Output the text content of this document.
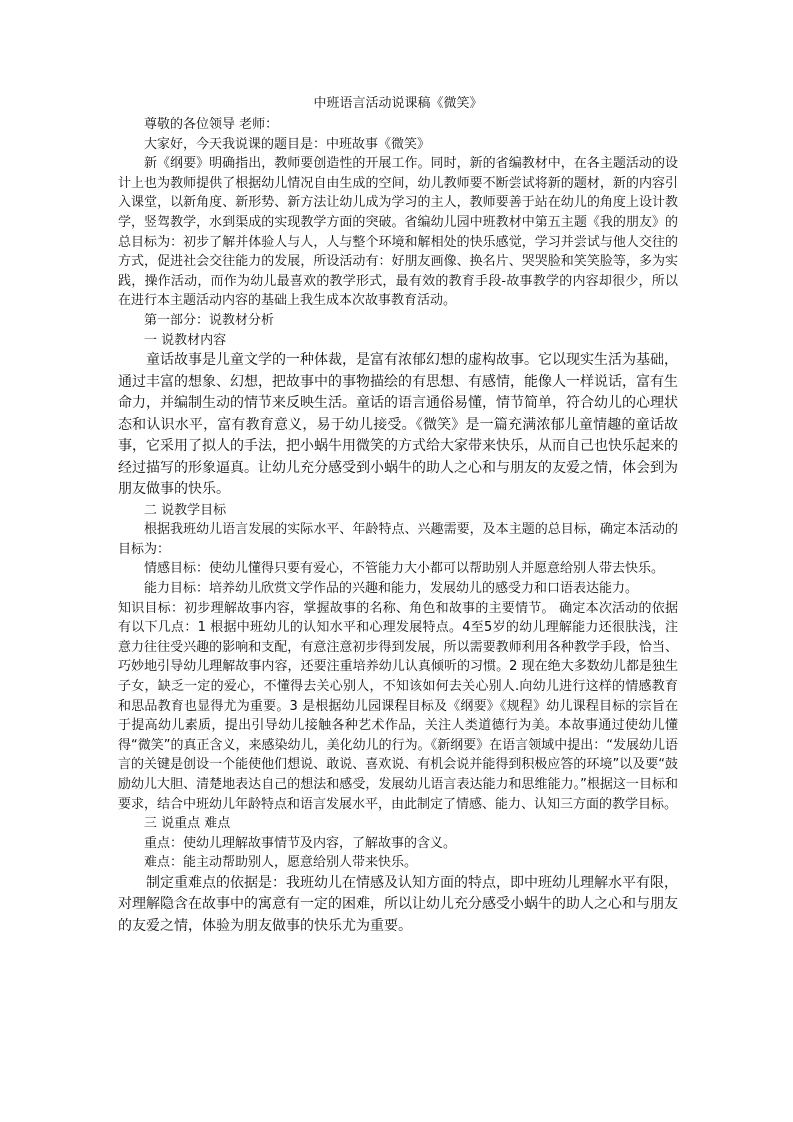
中班语言活动说课稿《微笑》

尊敬的各位领导 老师：

大家好，今天我说课的题目是：中班故事《微笑》

新《纲要》明确指出，教师要创造性的开展工作。同时，新的省编教材中，在各主题活动的设计上也为教师提供了根据幼儿情况自由生成的空间，幼儿教师要不断尝试将新的题材，新的内容引入课堂，以新角度、新形势、新方法让幼儿成为学习的主人，教师要善于站在幼儿的角度上设计教学，竖驾教学，水到渠成的实现教学方面的突破。省编幼儿园中班教材中第五主题《我的朋友》的总目标为：初步了解并体验人与人，人与整个环境和解相处的快乐感觉，学习并尝试与他人交往的方式，促进社会交往能力的发展，所设活动有：好朋友画像、换名片、哭哭脸和笑笑脸等，多为实践，操作活动，而作为幼儿最喜欢的教学形式，最有效的教育手段-故事教学的内容却很少，所以在进行本主题活动内容的基础上我生成本次故事教育活动。

第一部分：说教材分析

一 说教材内容

童话故事是儿童文学的一种体裁，是富有浓郁幻想的虚构故事。它以现实生活为基础，通过丰富的想象、幻想，把故事中的事物描绘的有思想、有感情，能像人一样说话，富有生命力，并编制生动的情节来反映生活。童话的语言通俗易懂，情节简单，符合幼儿的心理状态和认识水平，富有教育意义，易于幼儿接受。《微笑》是一篇充满浓郁儿童情趣的童话故事，它采用了拟人的手法，把小蜗牛用微笑的方式给大家带来快乐，从而自己也快乐起来的经过描写的形象逼真。让幼儿充分感受到小蜗牛的助人之心和与朋友的友爱之情，体会到为朋友做事的快乐。

二 说教学目标

根据我班幼儿语言发展的实际水平、年龄特点、兴趣需要，及本主题的总目标，确定本活动的目标为：

情感目标：使幼儿懂得只要有爱心，不管能力大小都可以帮助别人并愿意给别人带去快乐。

能力目标：培养幼儿欣赏文学作品的兴趣和能力，发展幼儿的感受力和口语表达能力。

知识目标：初步理解故事内容，掌握故事的名称、角色和故事的主要情节。 确定本次活动的依据有以下几点：1 根据中班幼儿的认知水平和心理发展特点。4至5岁的幼儿理解能力还很肤浅，注意力往往受兴趣的影响和支配，有意注意初步得到发展，所以需要教师利用各种教学手段，恰当、巧妙地引导幼儿理解故事内容，还要注重培养幼儿认真倾听的习惯。2 现在绝大多数幼儿都是独生子女，缺乏一定的爱心，不懂得去关心别人，不知该如何去关心别人.向幼儿进行这样的情感教育和思品教育也显得尤为重要。3 是根据幼儿园课程目标及《纲要》《规程》幼儿课程目标的宗旨在于提高幼儿素质，提出引导幼儿接触各种艺术作品，关注人类道德行为美。本故事通过使幼儿懂得“微笑”的真正含义，来感染幼儿，美化幼儿的行为。《新纲要》在语言领域中提出：“发展幼儿语言的关键是创设一个能使他们想说、敢说、喜欢说、有机会说并能得到积极应答的环境”以及要“鼓励幼儿大胆、清楚地表达自己的想法和感受，发展幼儿语言表达能力和思维能力。”根据这一目标和要求，结合中班幼儿年龄特点和语言发展水平，由此制定了情感、能力、认知三方面的教学目标。

三 说重点 难点

重点：使幼儿理解故事情节及内容，了解故事的含义。

难点：能主动帮助别人，愿意给别人带来快乐。

制定重难点的依据是：我班幼儿在情感及认知方面的特点，即中班幼儿理解水平有限，对理解隐含在故事中的寓意有一定的困难，所以让幼儿充分感受小蜗牛的助人之心和与朋友的友爱之情，体验为朋友做事的快乐尤为重要。
